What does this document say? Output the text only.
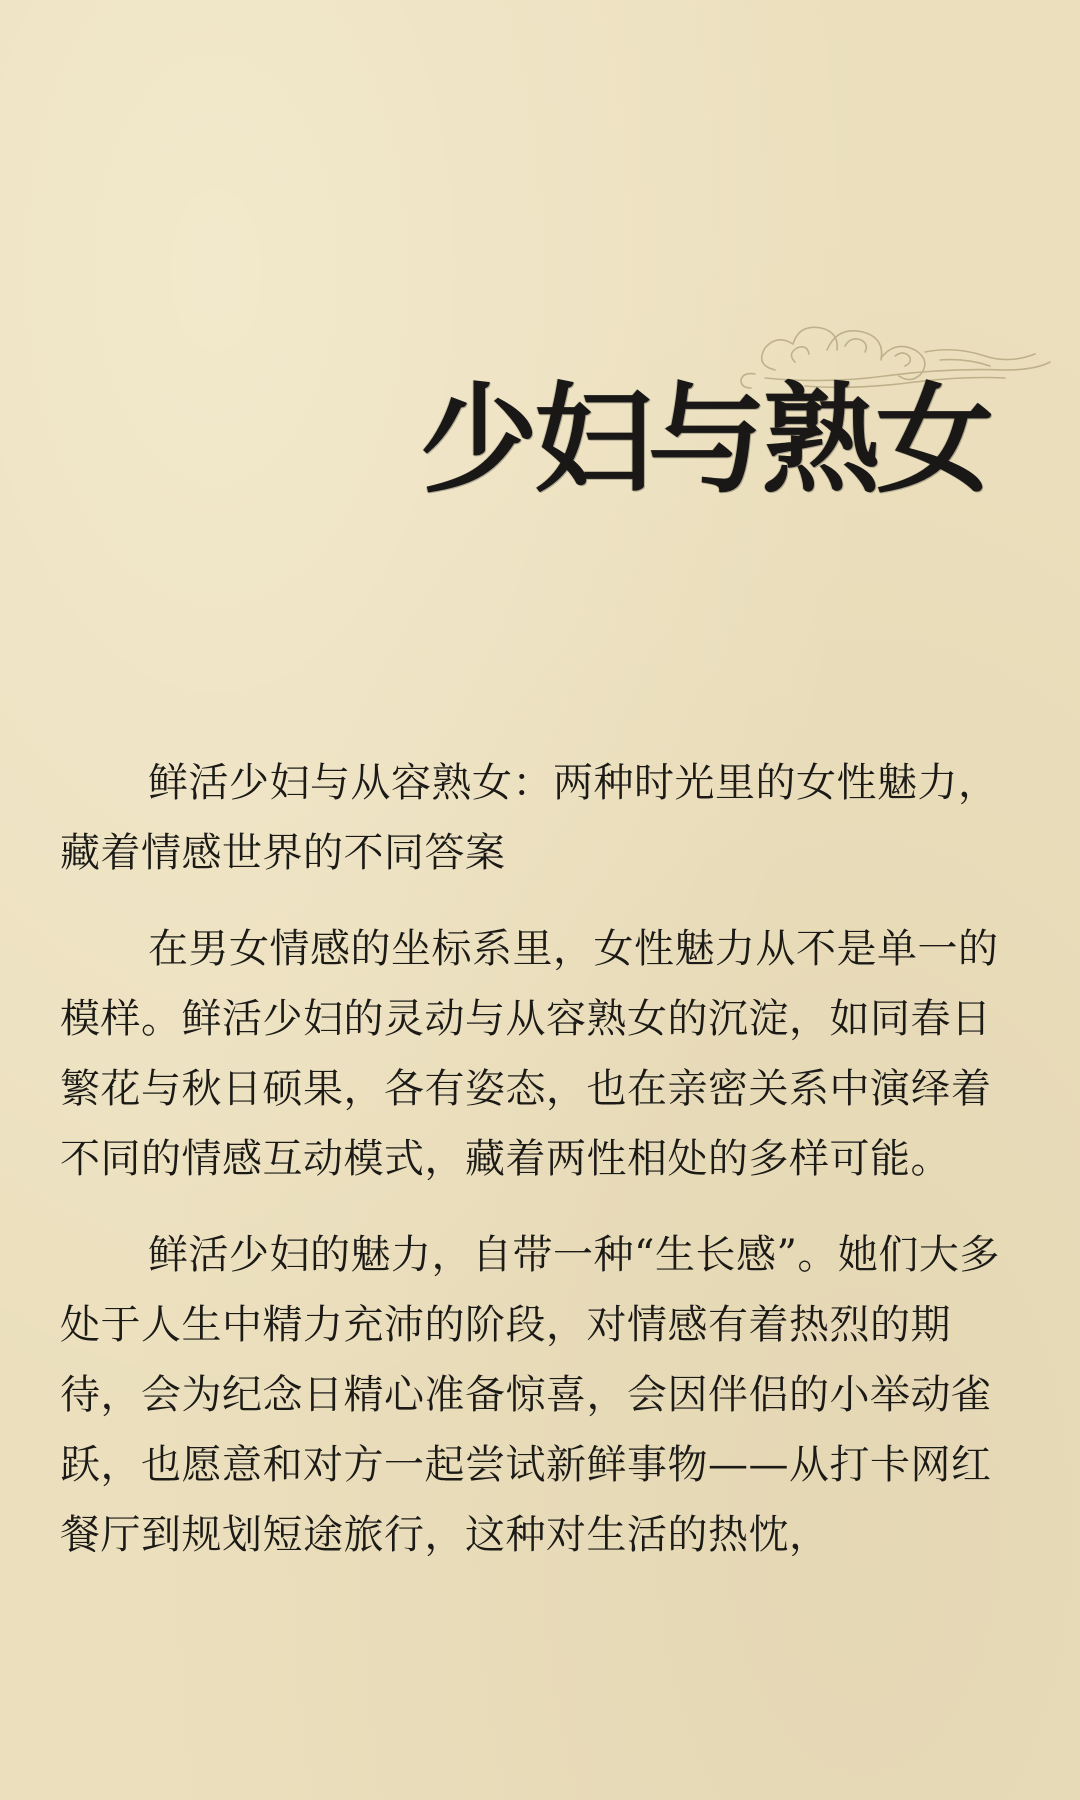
少妇与熟女

鲜活少妇与从容熟女：两种时光里的女性魅力，藏着情感世界的不同答案

在男女情感的坐标系里，女性魅力从不是单一的模样。鲜活少妇的灵动与从容熟女的沉淀，如同春日繁花与秋日硕果，各有姿态，也在亲密关系中演绎着不同的情感互动模式，藏着两性相处的多样可能。

鲜活少妇的魅力，自带一种“生长感”。她们大多处于人生中精力充沛的阶段，对情感有着热烈的期待，会为纪念日精心准备惊喜，会因伴侣的小举动雀跃，也愿意和对方一起尝试新鲜事物——从打卡网红餐厅到规划短途旅行，这种对生活的热忱，
